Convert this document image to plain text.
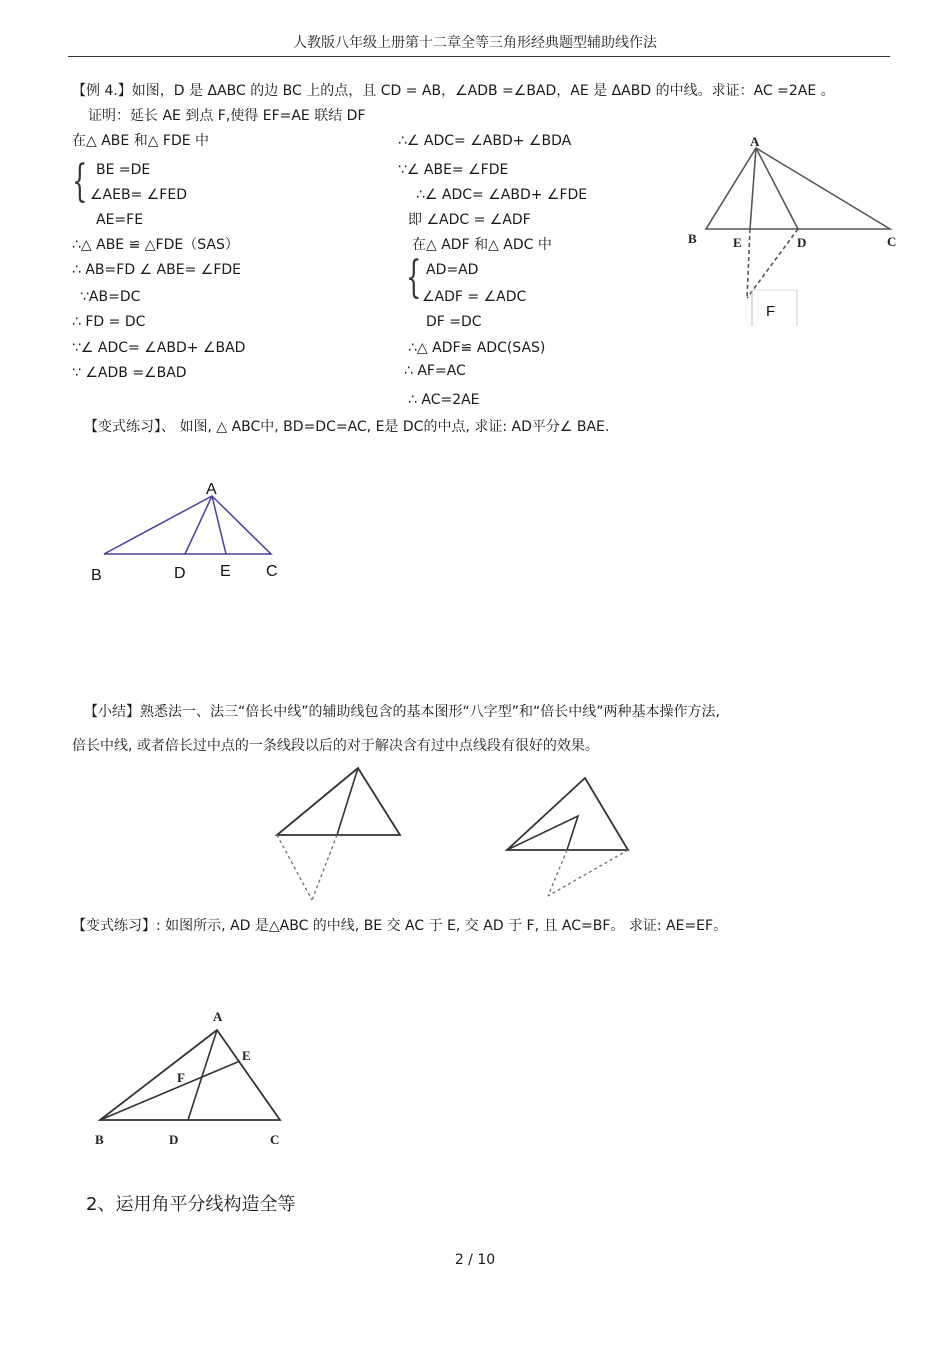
人教版八年级上册第十二章全等三角形经典题型辅助线作法
【例 4.】如图，D 是 ΔABC 的边 BC 上的点，且 CD = AB，∠ADB =∠BAD，AE 是 ΔABD 的中线。求证：AC =2AE 。
证明：延长 AE 到点 F,使得 EF=AE 联结 DF
在△ ABE 和△ FDE 中
{ BE =DE
∠AEB= ∠FED
AE=FE
∴△ ABE ≌ △FDE（SAS）
∴ AB=FD ∠ ABE= ∠FDE
∵AB=DC
∴ FD = DC
∵∠ ADC= ∠ABD+ ∠BAD
∵ ∠ADB =∠BAD
∴∠ ADC= ∠ABD+ ∠BDA
∵∠ ABE= ∠FDE
∴∠ ADC= ∠ABD+ ∠FDE
即 ∠ADC = ∠ADF
在△ ADF 和△ ADC 中
{ AD=AD
∠ADF = ∠ADC
DF =DC
∴△ ADF≌ ADC(SAS)
∴ AF=AC
∴ AC=2AE
A
B	E	D	C
F
【变式练习】、 如图, △ ABC中, BD=DC=AC, E是 DC的中点, 求证: AD平分∠ BAE.
A
B	D E C
【小结】熟悉法一、法三“倍长中线”的辅助线包含的基本图形“八字型”和“倍长中线”两种基本操作方法,
倍长中线, 或者倍长过中点的一条线段以后的对于解决含有过中点线段有很好的效果。
【变式练习】: 如图所示, AD 是△ABC 的中线, BE 交 AC 于 E, 交 AD 于 F, 且 AC=BF。 求证: AE=EF。
A
E
F
B	D	C
2、运用角平分线构造全等
2 / 10
